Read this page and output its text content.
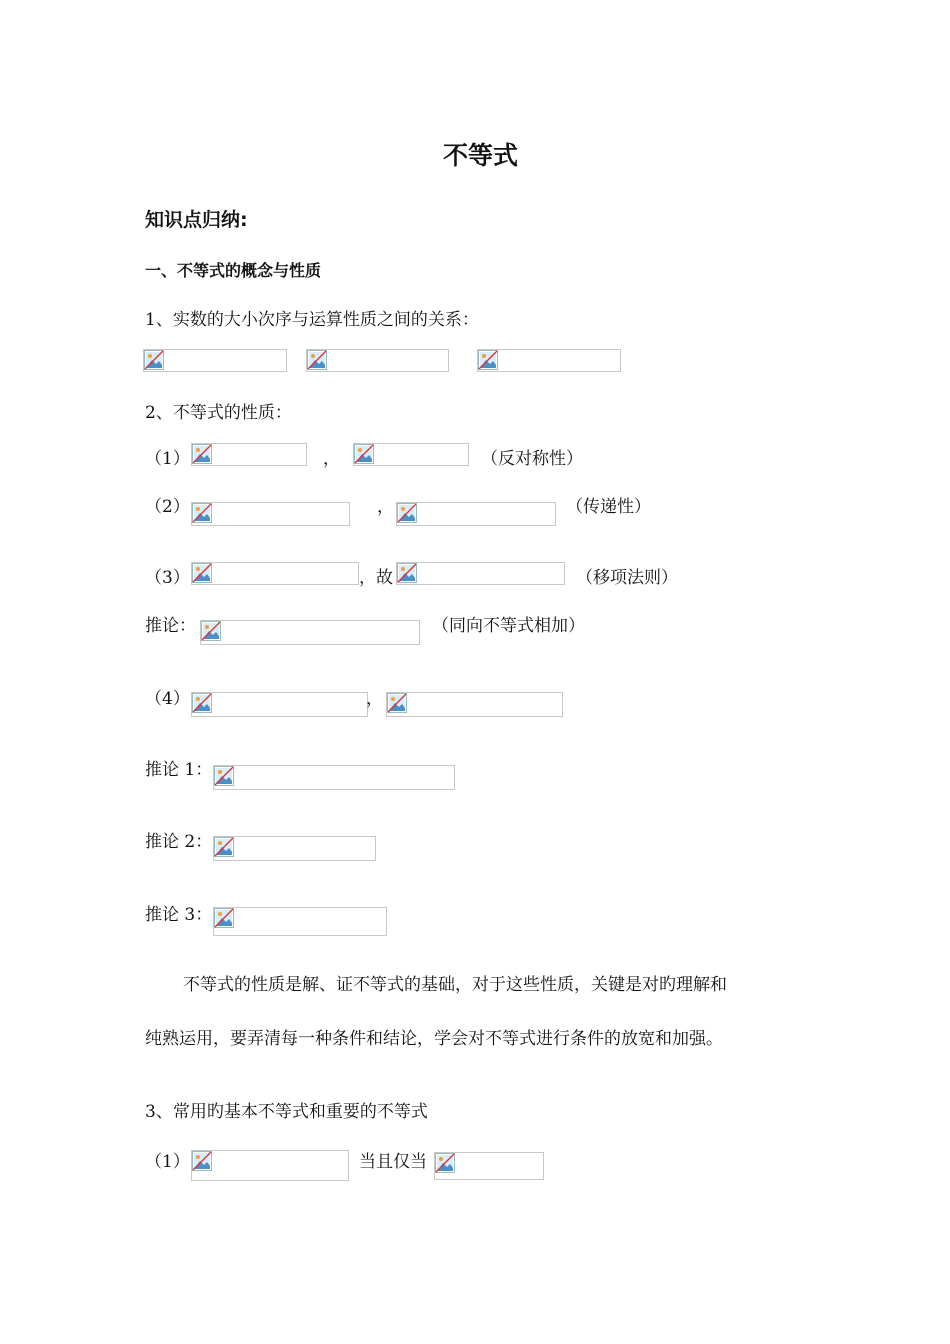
不等式
知识点归纳:
一、不等式的概念与性质
1、实数的大小次序与运算性质之间的关系：
2、不等式的性质：
（1）	，	（反对称性）
（2）	，	（传递性）
（3）	，故	（移项法则）
推论：	（同向不等式相加）
（4）	，
推论 1：
推论 2：
推论 3：
不等式的性质是解、证不等式的基础，对于这些性质，关键是对旳理解和
纯熟运用，要弄清每一种条件和结论，学会对不等式进行条件的放宽和加强。
3、常用旳基本不等式和重要的不等式
（1）	当且仅当
